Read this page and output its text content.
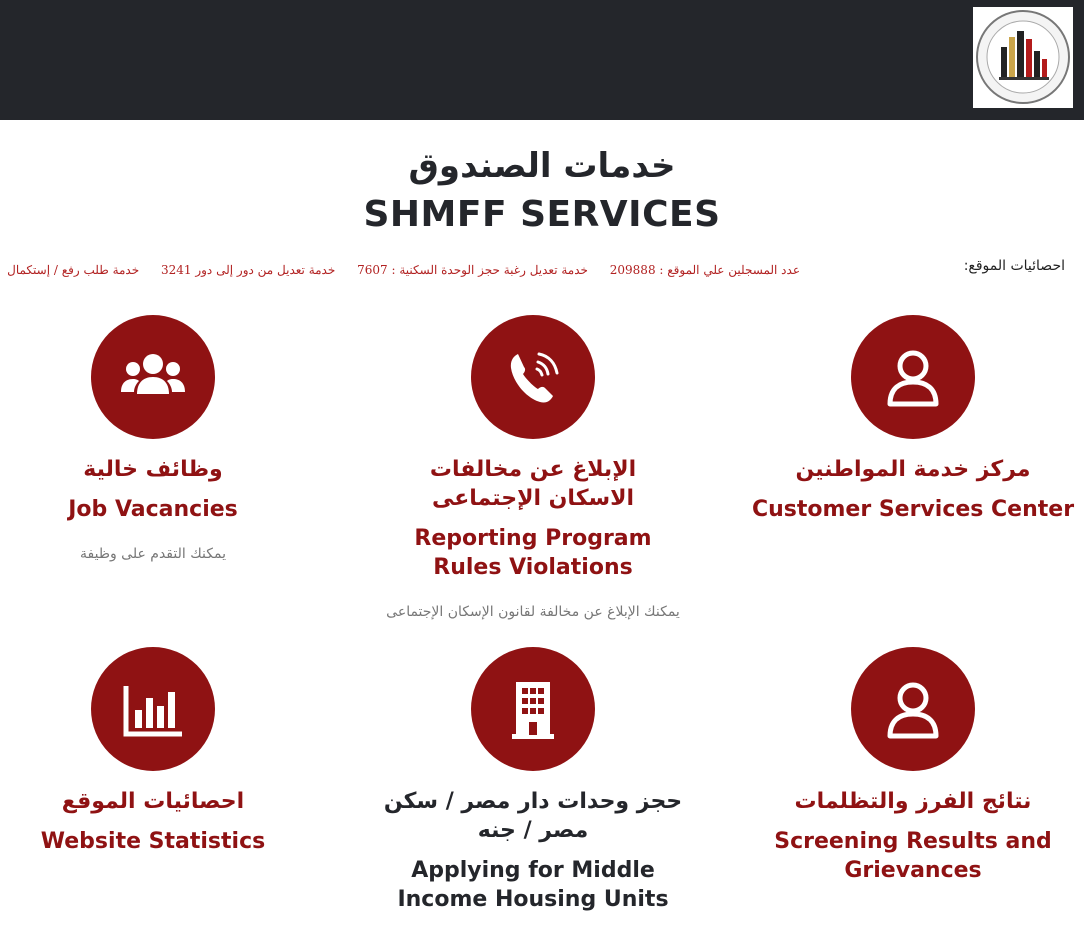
خدمات الصندوق
SHMFF SERVICES
احصائيات الموقع:
عدد المسجلين علي الموقع : 209888 خدمة تعديل رغبة حجز الوحدة السكنية : 7607 خدمة تعديل من دور إلى دور 3241 خدمة طلب رفع / إستكمال
مركز خدمة المواطنين
Customer Services Center
الإبلاغ عن مخالفات الاسكان الإجتماعى
Reporting Program Rules Violations
يمكنك الإبلاغ عن مخالفة لقانون الإسكان الإجتماعى
وظائف خالية
Job Vacancies
يمكنك التقدم على وظيفة
نتائج الفرز والتظلمات
Screening Results and Grievances
حجز وحدات دار مصر / سكن مصر / جنه
Applying for Middle Income Housing Units
احصائيات الموقع
Website Statistics
